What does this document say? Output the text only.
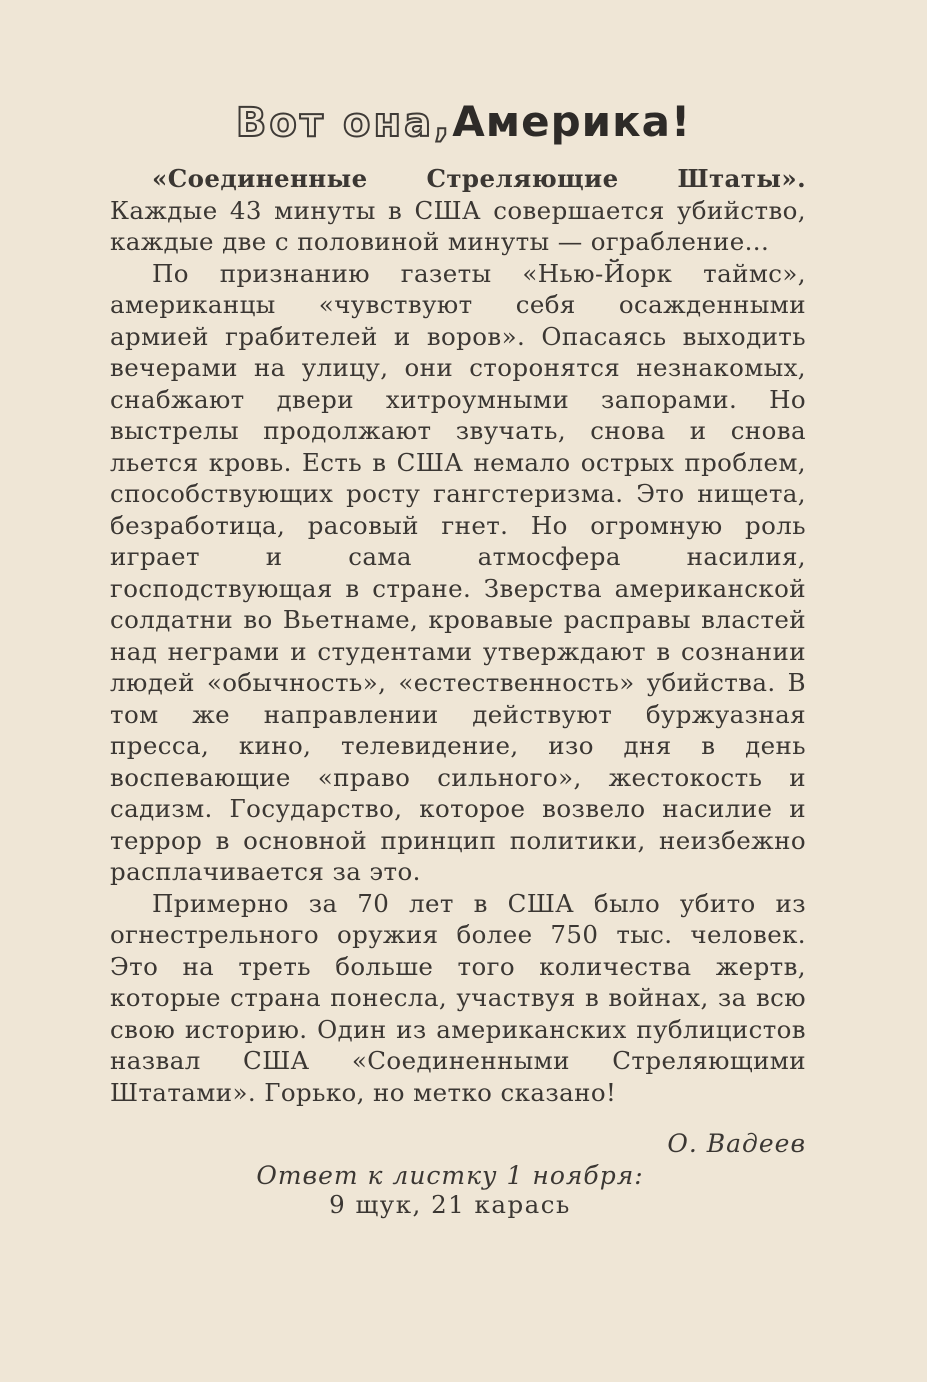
Вот она,Америка!

«Соединенные Стреляющие Штаты». Каждые 43 минуты в США совершается убийство, каждые две с половиной минуты — ограбление...

По признанию газеты «Нью-Йорк таймс», американцы «чувствуют себя осажденными армией грабителей и воров». Опасаясь выходить вечерами на улицу, они сторонятся незнакомых, снабжают двери хитроумными запорами. Но выстрелы продолжают звучать, снова и снова льется кровь. Есть в США немало острых проблем, способствующих росту гангстеризма. Это нищета, безработица, расовый гнет. Но огромную роль играет и сама атмосфера насилия, господствующая в стране. Зверства американской солдатни во Вьетнаме, кровавые расправы властей над неграми и студентами утверждают в сознании людей «обычность», «естественность» убийства. В том же направлении действуют буржуазная пресса, кино, телевидение, изо дня в день воспевающие «право сильного», жестокость и садизм. Государство, которое возвело насилие и террор в основной принцип политики, неизбежно расплачивается за это.

Примерно за 70 лет в США было убито из огнестрельного оружия более 750 тыс. человек. Это на треть больше того количества жертв, которые страна понесла, участвуя в войнах, за всю свою историю. Один из американских публицистов назвал США «Соединенными Стреляющими Штатами». Горько, но метко сказано!

О. Вадеев
Ответ к листку 1 ноября:
9 щук, 21 карась
